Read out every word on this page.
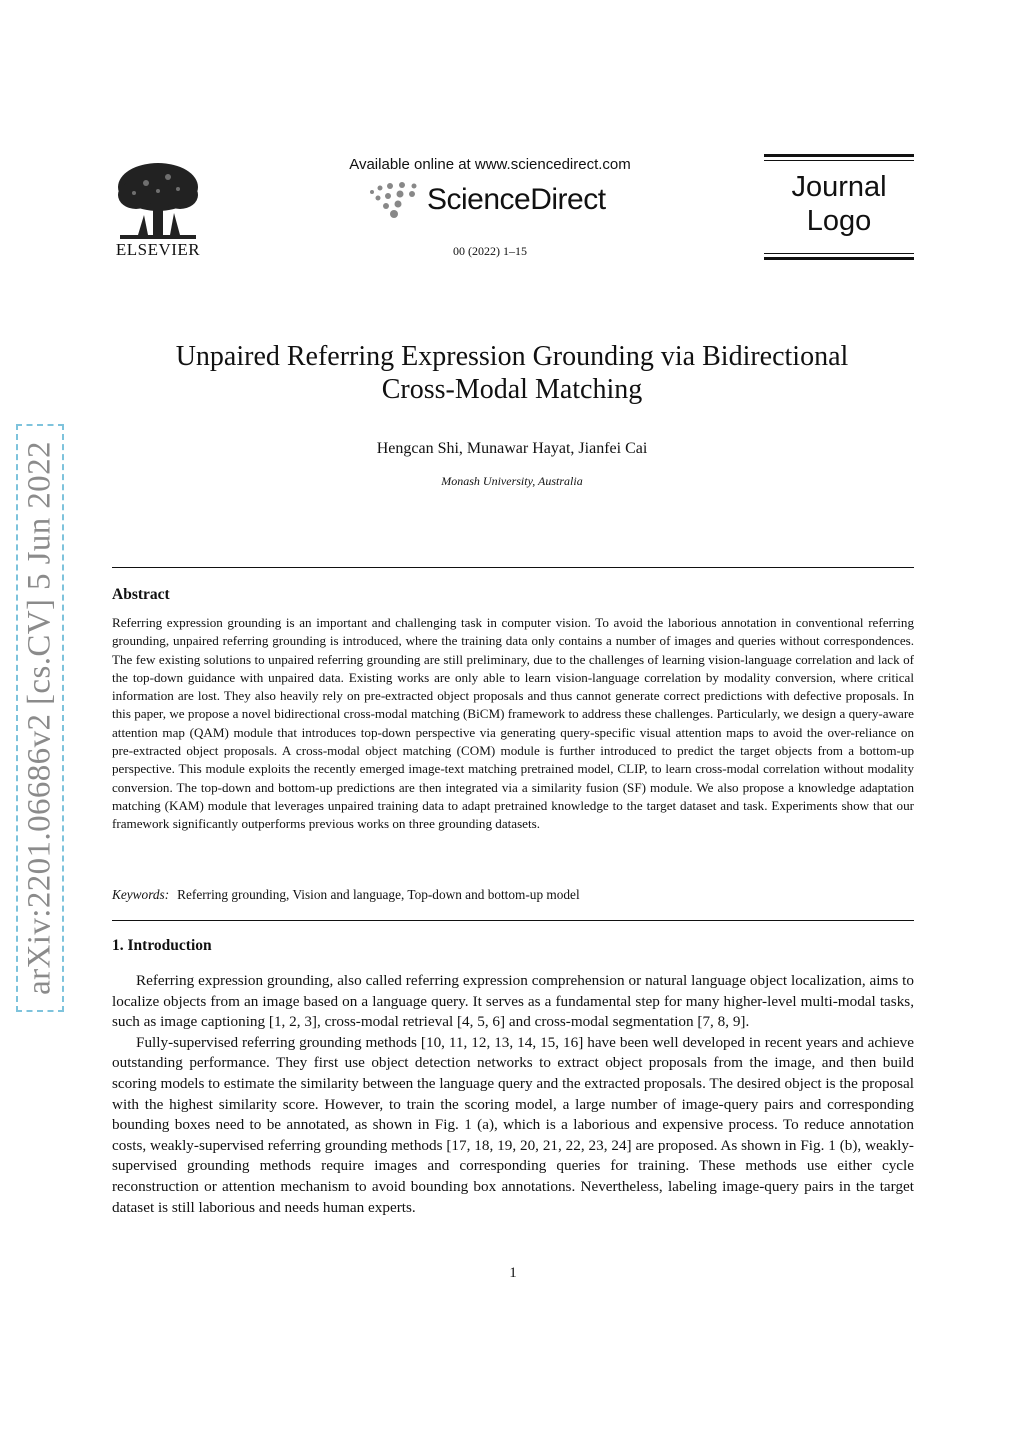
ELSEVIER
Available online at www.sciencedirect.com
ScienceDirect
00 (2022) 1–15
Journal
Logo
arXiv:2201.06686v2 [cs.CV] 5 Jun 2022
Unpaired Referring Expression Grounding via Bidirectional
Cross-Modal Matching
Hengcan Shi, Munawar Hayat, Jianfei Cai
Monash University, Australia
Abstract
Referring expression grounding is an important and challenging task in computer vision. To avoid the laborious annotation in conventional referring grounding, unpaired referring grounding is introduced, where the training data only contains a number of images and queries without correspondences. The few existing solutions to unpaired referring grounding are still preliminary, due to the challenges of learning vision-language correlation and lack of the top-down guidance with unpaired data. Existing works are only able to learn vision-language correlation by modality conversion, where critical information are lost. They also heavily rely on pre-extracted object proposals and thus cannot generate correct predictions with defective proposals. In this paper, we propose a novel bidirectional cross-modal matching (BiCM) framework to address these challenges. Particularly, we design a query-aware attention map (QAM) module that introduces top-down perspective via generating query-specific visual attention maps to avoid the over-reliance on pre-extracted object proposals. A cross-modal object matching (COM) module is further introduced to predict the target objects from a bottom-up perspective. This module exploits the recently emerged image-text matching pretrained model, CLIP, to learn cross-modal correlation without modality conversion. The top-down and bottom-up predictions are then integrated via a similarity fusion (SF) module. We also propose a knowledge adaptation matching (KAM) module that leverages unpaired training data to adapt pretrained knowledge to the target dataset and task. Experiments show that our framework significantly outperforms previous works on three grounding datasets.
Keywords: Referring grounding, Vision and language, Top-down and bottom-up model
1. Introduction

Referring expression grounding, also called referring expression comprehension or natural language object localization, aims to localize objects from an image based on a language query. It serves as a fundamental step for many higher-level multi-modal tasks, such as image captioning [1, 2, 3], cross-modal retrieval [4, 5, 6] and cross-modal segmentation [7, 8, 9].

Fully-supervised referring grounding methods [10, 11, 12, 13, 14, 15, 16] have been well developed in recent years and achieve outstanding performance. They first use object detection networks to extract object proposals from the image, and then build scoring models to estimate the similarity between the language query and the extracted proposals. The desired object is the proposal with the highest similarity score. However, to train the scoring model, a large number of image-query pairs and corresponding bounding boxes need to be annotated, as shown in Fig. 1 (a), which is a laborious and expensive process. To reduce annotation costs, weakly-supervised referring grounding methods [17, 18, 19, 20, 21, 22, 23, 24] are proposed. As shown in Fig. 1 (b), weakly-supervised grounding methods require images and corresponding queries for training. These methods use either cycle reconstruction or attention mechanism to avoid bounding box annotations. Nevertheless, labeling image-query pairs in the target dataset is still laborious and needs human experts.

1
